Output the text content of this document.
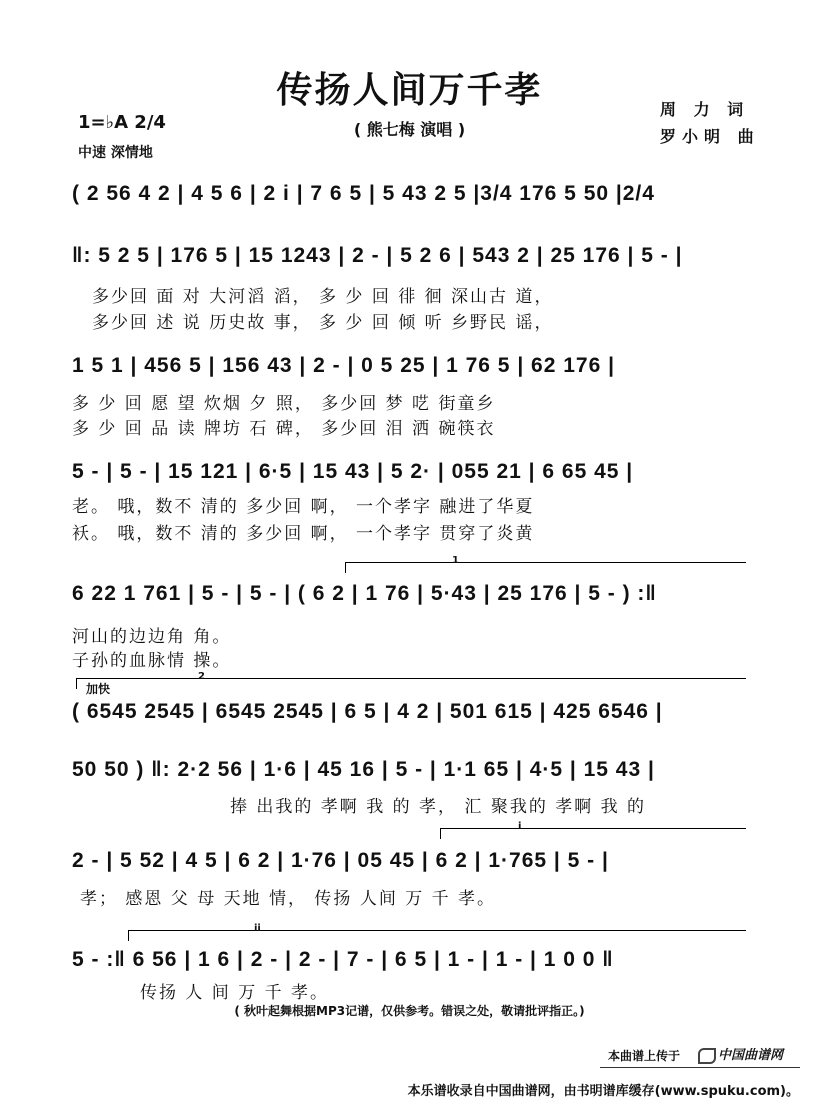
传扬人间万千孝
( 熊七梅 演唱 )
周 力 词
罗小明 曲
1=♭A 2/4
中速 深情地
( 2 56 4 2 | 4 5 6 | 2 i | 7 6 5 | 5 43 2 5 |3/4 176 5 50 |2/4
‖: 5 2 5 | 176 5 | 15 1243 | 2 - | 5 2 6 | 543 2 | 25 176 | 5 - |
多少回 面 对 大河滔 滔， 多 少 回 徘 徊 深山古 道，
多少回 述 说 历史故 事， 多 少 回 倾 听 乡野民 谣，
1 5 1 | 456 5 | 156 43 | 2 - | 0 5 25 | 1 76 5 | 62 176 |
多 少 回 愿 望 炊烟 夕 照， 多少回 梦 呓 街童乡
多 少 回 品 读 牌坊 石 碑， 多少回 泪 洒 碗筷衣
5 - | 5 - | 15 121 | 6·5 | 15 43 | 5 2· | 055 21 | 6 65 45 |
老。 哦，数不 清的 多少回 啊， 一个孝字 融进了华夏
袄。 哦，数不 清的 多少回 啊， 一个孝字 贯穿了炎黄
1
6 22 1 761 | 5 - | 5 - | ( 6 2 | 1 76 | 5·43 | 25 176 | 5 - ) :‖
河山的边边角 角。
子孙的血脉情 操。
2
加快
( 6545 2545 | 6545 2545 | 6 5 | 4 2 | 501 615 | 425 6546 |
50 50 ) ‖: 2·2 56 | 1·6 | 45 16 | 5 - | 1·1 65 | 4·5 | 15 43 |
捧 出我的 孝啊 我 的 孝， 汇 聚我的 孝啊 我 的
i
2 - | 5 52 | 4 5 | 6 2 | 1·76 | 05 45 | 6 2 | 1·765 | 5 - |
孝； 感恩 父 母 天地 情， 传扬 人间 万 千 孝。
ii
5 - :‖ 6 56 | 1 6 | 2 - | 2 - | 7 - | 6 5 | 1 - | 1 - | 1 0 0 ‖
传扬 人 间 万 千 孝。
( 秋叶起舞根据MP3记谱，仅供参考。错误之处，敬请批评指正。)
本曲谱上传于	中国曲谱网
本乐谱收录自中国曲谱网，由书明谱库缓存(www.spuku.com)。
